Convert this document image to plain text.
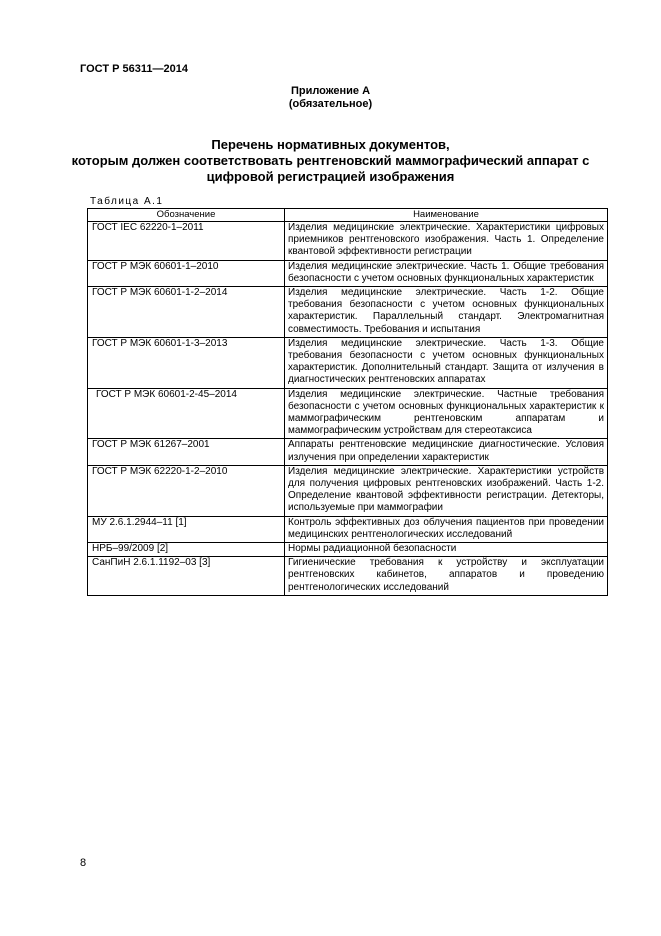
ГОСТ Р 56311—2014
Приложение А
(обязательное)
Перечень нормативных документов,
которым должен соответствовать рентгеновский маммографический аппарат с
цифровой регистрацией изображения
Таблица А.1
Обозначение	Наименование
ГОСТ IEC 62220-1–2011	Изделия медицинские электрические. Характеристики цифровых приемников рентгеновского изображения. Часть 1. Определение квантовой эффективности регистрации
ГОСТ Р МЭК 60601-1–2010	Изделия медицинские электрические. Часть 1. Общие требования безопасности с учетом основных функциональных характеристик
ГОСТ Р МЭК 60601-1-2–2014	Изделия медицинские электрические. Часть 1-2. Общие требования безопасности с учетом основных функциональных характеристик. Параллельный стандарт. Электромагнитная совместимость. Требования и испытания
ГОСТ Р МЭК 60601-1-3–2013	Изделия медицинские электрические. Часть 1-3. Общие требования безопасности с учетом основных функциональных характеристик. Дополнительный стандарт. Защита от излучения в диагностических рентгеновских аппаратах
ГОСТ Р МЭК 60601-2-45–2014	Изделия медицинские электрические. Частные требования безопасности с учетом основных функциональных характеристик к маммографическим рентгеновским аппаратам и маммографическим устройствам для стереотаксиса
ГОСТ Р МЭК 61267–2001	Аппараты рентгеновские медицинские диагностические. Условия излучения при определении характеристик
ГОСТ Р МЭК 62220-1-2–2010	Изделия медицинские электрические. Характеристики устройств для получения цифровых рентгеновских изображений. Часть 1-2. Определение квантовой эффективности регистрации. Детекторы, используемые при маммографии
МУ 2.6.1.2944–11 [1]	Контроль эффективных доз облучения пациентов при проведении медицинских рентгенологических исследований
НРБ–99/2009 [2]	Нормы радиационной безопасности
СанПиН 2.6.1.1192–03 [3]	Гигиенические требования к устройству и эксплуатации рентгеновских кабинетов, аппаратов и проведению рентгенологических исследований
8
